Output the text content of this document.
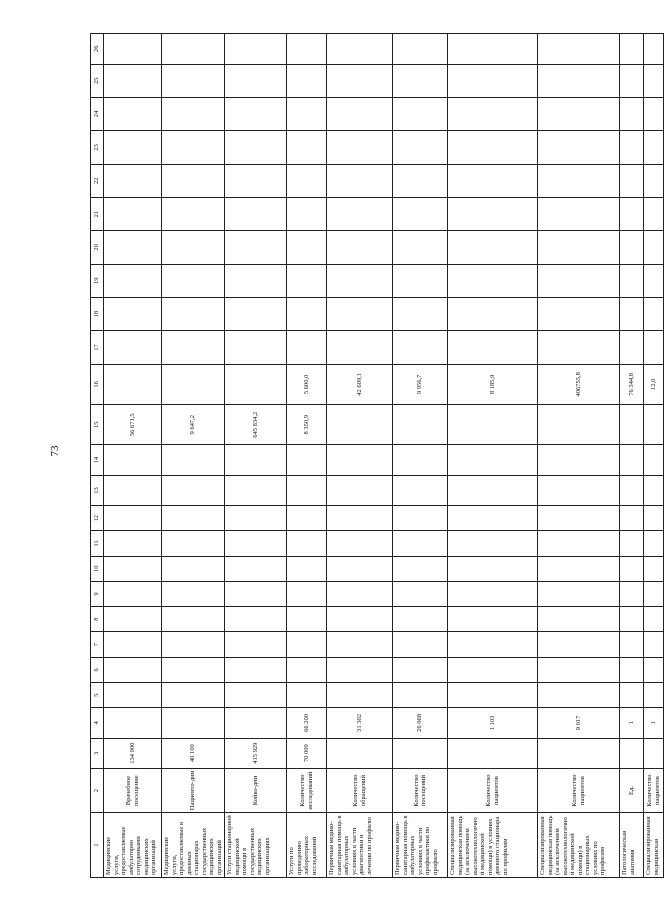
73
1	2	3	4	5	6	7	8	9	10	11	12	13	14	15	16	17	18	19	20	21	22	23	24	25	26
Медицинские услуги, предоставляемые амбулаторно сотрудниками медицинских организаций	Врачебное посещение	134 900												56 671,5											
Медицинские услуги, предоставляемые в дневных стационарах государственных медицинских организаций	Пациенто-дни	40 100												9 647,2											
Услуги стационарной медицинской помощи в государственных медицинских организациях	Койко-дни	415 929												645 834,2											
Услуги по проведению лабораторных исследований	Количество исследований	70 009	66 200											8 350,9	5 600,0										
Первичная медико-санитарная помощь в амбулаторных условиях в части диагностики и лечения по профилю	Количество обращений		31 302												42 609,1										
Первичная медико-санитарная помощь в амбулаторных условиях в части профилактики по профилю	Количество посещений		26 068												9 956,7										
Специализированная медицинская помощь (за исключением высокотехнологичной медицинской помощи) в условиях дневного стационара по профилям	Количество пациентов		1 103												8 185,9										
Специализированная медицинская помощь (за исключением высокотехнологичной медицинской помощи) в стационарных условиях по профилям	Количество пациентов		9 017												406755,8										
Патологическая анатомия	Ед.		1												76 344,8										
Специализированная медицинская	Количество пациентов		1												12,0										
